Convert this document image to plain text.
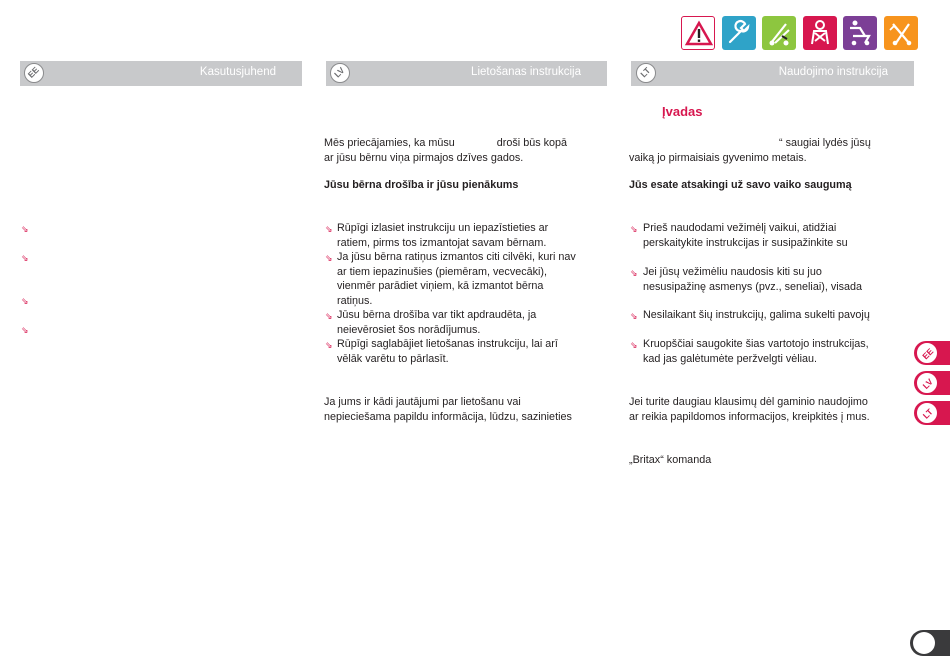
Kasutusjuhend
EE	Lietošanas instrukcija
LV	Naudojimo instrukcija
LT
⇘
⇘
⇘
⇘
Mēs priecājamies, ka mūsu              droši būs kopā
ar jūsu bērnu viņa pirmajos dzīves gados.
Jūsu bērna drošība ir jūsu pienākums
⇘ Rūpīgi izlasiet instrukciju un iepazīstieties ar
ratiem, pirms tos izmantojat savam bērnam.
⇘ Ja jūsu bērna ratiņus izmantos citi cilvēki, kuri nav
ar tiem iepazinušies (piemēram, vecvecāki),
vienmēr parādiet viņiem, kā izmantot bērna
ratiņus.
⇘ Jūsu bērna drošība var tikt apdraudēta, ja
neievērosiet šos norādījumus.
⇘ Rūpīgi saglabājiet lietošanas instrukciju, lai arī
vēlāk varētu to pārlasīt.
Ja jums ir kādi jautājumi par lietošanu vai
nepieciešama papildu informācija, lūdzu, sazinieties
Įvadas
“ saugiai lydės jūsų
vaiką jo pirmaisiais gyvenimo metais.
Jūs esate atsakingi už savo vaiko saugumą
⇘ Prieš naudodami vežimėlį vaikui, atidžiai
perskaitykite instrukcijas ir susipažinkite su
⇘ Jei jūsų vežimėliu naudosis kiti su juo
nesusipažinę asmenys (pvz., seneliai), visada
⇘ Nesilaikant šių instrukcijų, galima sukelti pavojų
⇘ Kruopščiai saugokite šias vartotojo instrukcijas,
kad jas galėtumėte peržvelgti vėliau.
Jei turite daugiau klausimų dėl gaminio naudojimo
ar reikia papildomos informacijos, kreipkitės į mus.
„Britax“ komanda
EE
LV
LT
